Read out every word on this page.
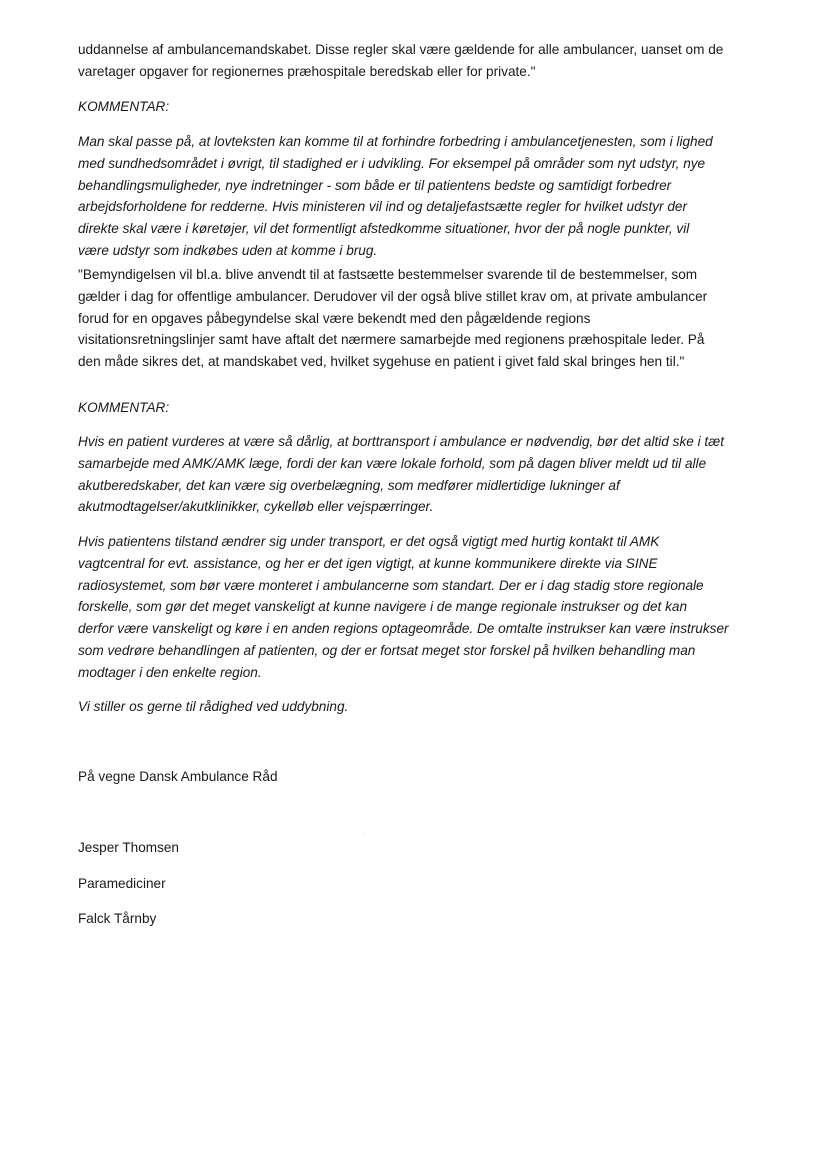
uddannelse af ambulancemandskabet. Disse regler skal være gældende for alle ambulancer, uanset om de
varetager opgaver for regionernes præhospitale beredskab eller for private."
KOMMENTAR:
Man skal passe på, at lovteksten kan komme til at forhindre forbedring i ambulancetjenesten, som i lighed
med sundhedsområdet i øvrigt, til stadighed er i udvikling. For eksempel på områder som nyt udstyr, nye
behandlingsmuligheder, nye indretninger - som både er til patientens bedste og samtidigt forbedrer
arbejdsforholdene for redderne. Hvis ministeren vil ind og detaljefastsætte regler for hvilket udstyr der
direkte skal være i køretøjer, vil det formentligt afstedkomme situationer, hvor der på nogle punkter, vil
være udstyr som indkøbes uden at komme i brug.
"Bemyndigelsen vil bl.a. blive anvendt til at fastsætte bestemmelser svarende til de bestemmelser, som
gælder i dag for offentlige ambulancer. Derudover vil der også blive stillet krav om, at private ambulancer
forud for en opgaves påbegyndelse skal være bekendt med den pågældende regions
visitationsretningslinjer samt have aftalt det nærmere samarbejde med regionens præhospitale leder. På
den måde sikres det, at mandskabet ved, hvilket sygehuse en patient i givet fald skal bringes hen til."
KOMMENTAR:
Hvis en patient vurderes at være så dårlig, at borttransport i ambulance er nødvendig, bør det altid ske i tæt
samarbejde med AMK/AMK læge, fordi der kan være lokale forhold, som på dagen bliver meldt ud til alle
akutberedskaber, det kan være sig overbelægning, som medfører midlertidige lukninger af
akutmodtagelser/akutklinikker, cykelløb eller vejspærringer.
Hvis patientens tilstand ændrer sig under transport, er det også vigtigt med hurtig kontakt til AMK
vagtcentral for evt. assistance, og her er det igen vigtigt, at kunne kommunikere direkte via SINE
radiosystemet, som bør være monteret i ambulancerne som standart. Der er i dag stadig store regionale
forskelle, som gør det meget vanskeligt at kunne navigere i de mange regionale instrukser og det kan
derfor være vanskeligt og køre i en anden regions optageområde. De omtalte instrukser kan være instrukser
som vedrøre behandlingen af patienten, og der er fortsat meget stor forskel på hvilken behandling man
modtager i den enkelte region.
Vi stiller os gerne til rådighed ved uddybning.
På vegne Dansk Ambulance Råd
Jesper Thomsen
Paramediciner
Falck Tårnby
